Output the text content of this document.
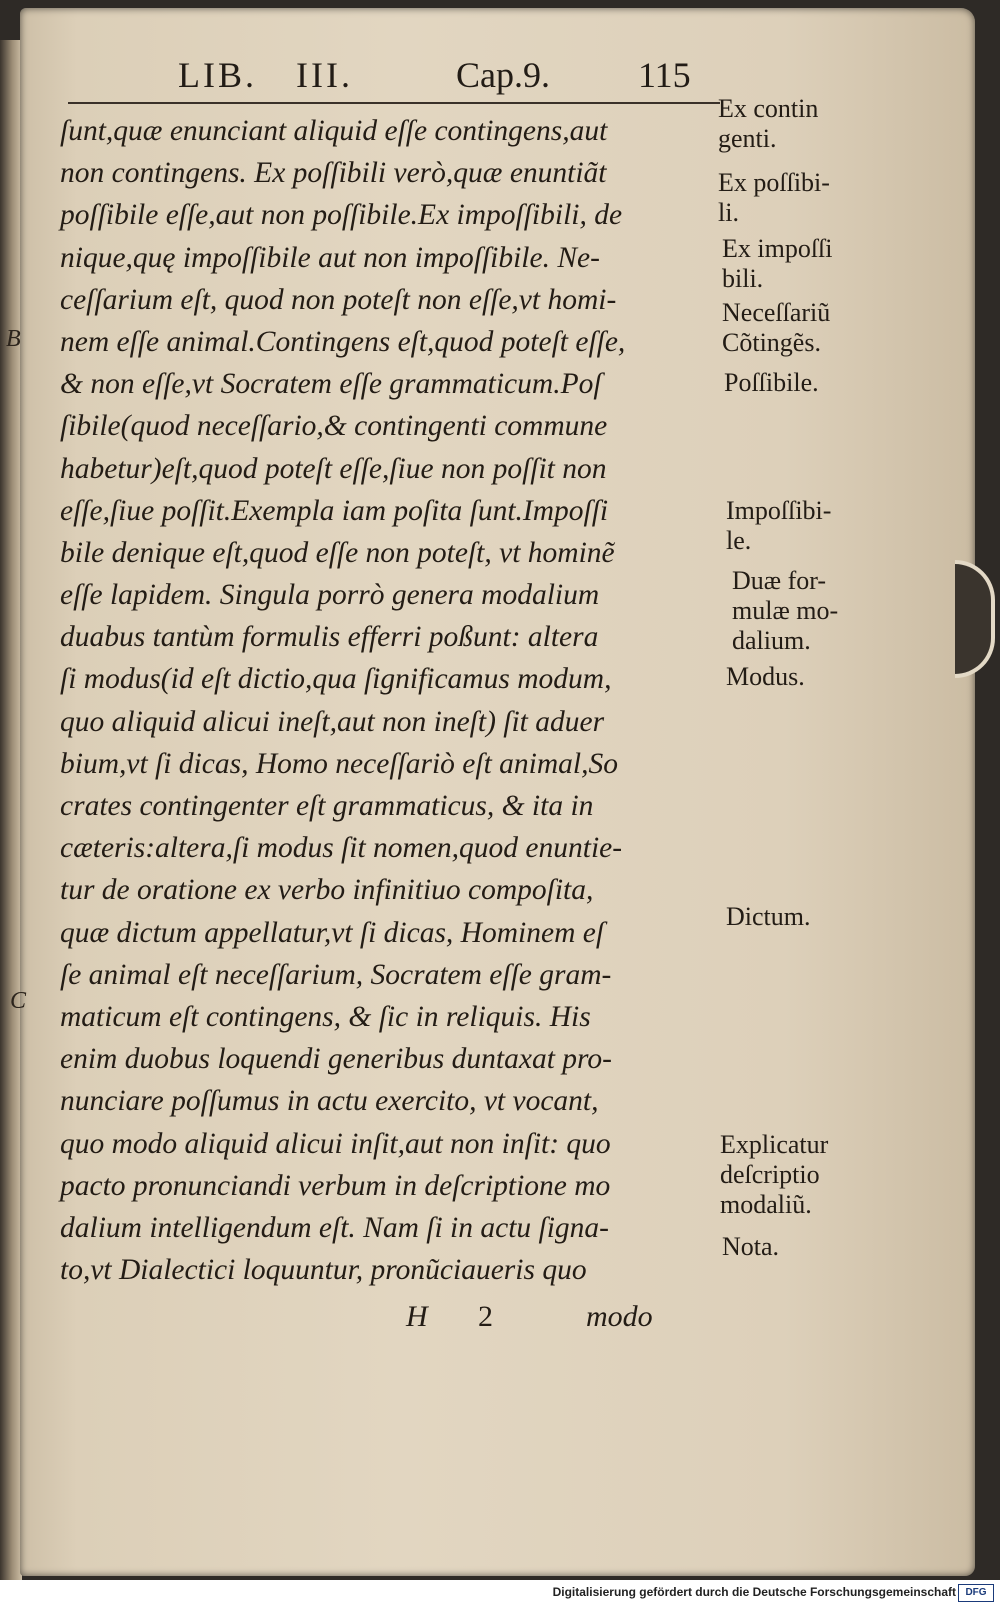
LIB. III.	Cap.9. 115
ſunt,quæ enunciant aliquid eſſe contingens,aut
non contingens. Ex poſſibili verò,quæ enuntiãt
poſſibile eſſe,aut non poſſibile.Ex impoſſibili, de
nique,quę impoſſibile aut non impoſſibile. Ne-
ceſſarium eſt, quod non poteſt non eſſe,vt homi-
nem eſſe animal.Contingens eſt,quod poteſt eſſe,
& non eſſe,vt Socratem eſſe grammaticum.Poſ
ſibile(quod neceſſario,& contingenti commune
habetur)eſt,quod poteſt eſſe,ſiue non poſſit non
eſſe,ſiue poſſit.Exempla iam poſita ſunt.Impoſſi
bile denique eſt,quod eſſe non poteſt, vt hominẽ
eſſe lapidem. Singula porrò genera modalium
duabus tantùm formulis efferri poßunt: altera
ſi modus(id eſt dictio,qua ſignificamus modum,
quo aliquid alicui ineſt,aut non ineſt) ſit aduer
bium,vt ſi dicas, Homo neceſſariò eſt animal,So
crates contingenter eſt grammaticus, & ita in
cæteris:altera,ſi modus ſit nomen,quod enuntie-
tur de oratione ex verbo infinitiuo compoſita,
quæ dictum appellatur,vt ſi dicas, Hominem eſ
ſe animal eſt neceſſarium, Socratem eſſe gram-
maticum eſt contingens, & ſic in reliquis. His
enim duobus loquendi generibus duntaxat pro-
nunciare poſſumus in actu exercito, vt vocant,
quo modo aliquid alicui inſit,aut non inſit: quo
pacto pronunciandi verbum in deſcriptione mo
dalium intelligendum eſt. Nam ſi in actu ſigna-
to,vt Dialectici loquuntur, pronũciaueris quo
B
C
Ex contin
genti.
Ex poſſibi-
li.
Ex impoſſi
bili.
Neceſſariũ
Cõtingẽs.
Poſſibile.
Impoſſibi-
le.
Duæ for-
mulæ mo-
dalium.
Modus.
Dictum.
Explicatur
deſcriptio
modaliũ.
Nota.
H 2	modo
Digitalisierung gefördert durch die Deutsche Forschungsgemeinschaft DFG
